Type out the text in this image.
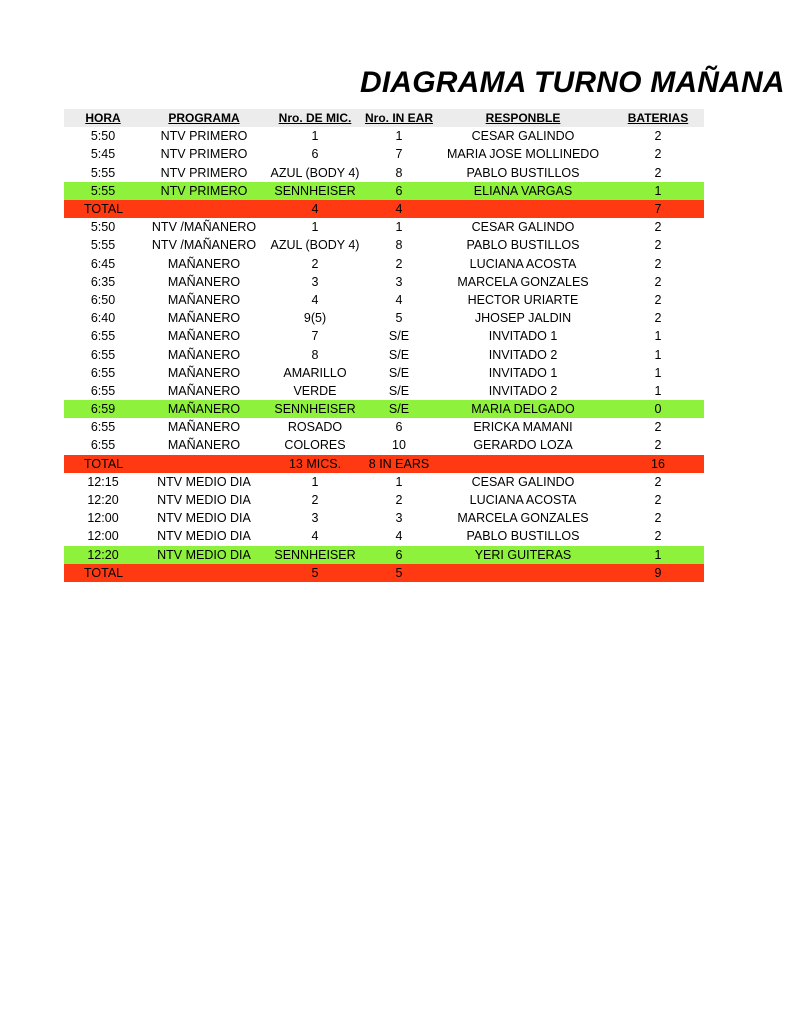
DIAGRAMA TURNO MAÑANA
HORA	PROGRAMA	Nro. DE MIC.	Nro. IN EAR	RESPONBLE	BATERIAS
5:50	NTV PRIMERO	1	1	CESAR GALINDO	2
5:45	NTV PRIMERO	6	7	MARIA JOSE MOLLINEDO	2
5:55	NTV PRIMERO	AZUL (BODY 4)	8	PABLO BUSTILLOS	2
5:55	NTV PRIMERO	SENNHEISER	6	ELIANA VARGAS	1
TOTAL		4	4		7
5:50	NTV /MAÑANERO	1	1	CESAR GALINDO	2
5:55	NTV /MAÑANERO	AZUL (BODY 4)	8	PABLO BUSTILLOS	2
6:45	MAÑANERO	2	2	LUCIANA ACOSTA	2
6:35	MAÑANERO	3	3	MARCELA GONZALES	2
6:50	MAÑANERO	4	4	HECTOR URIARTE	2
6:40	MAÑANERO	9(5)	5	JHOSEP JALDIN	2
6:55	MAÑANERO	7	S/E	INVITADO 1	1
6:55	MAÑANERO	8	S/E	INVITADO 2	1
6:55	MAÑANERO	AMARILLO	S/E	INVITADO 1	1
6:55	MAÑANERO	VERDE	S/E	INVITADO 2	1
6:59	MAÑANERO	SENNHEISER	S/E	MARIA DELGADO	0
6:55	MAÑANERO	ROSADO	6	ERICKA MAMANI	2
6:55	MAÑANERO	COLORES	10	GERARDO LOZA	2
TOTAL		13 MICS.	8 IN EARS		16
12:15	NTV MEDIO DIA	1	1	CESAR GALINDO	2
12:20	NTV MEDIO DIA	2	2	LUCIANA ACOSTA	2
12:00	NTV MEDIO DIA	3	3	MARCELA GONZALES	2
12:00	NTV MEDIO DIA	4	4	PABLO BUSTILLOS	2
12:20	NTV MEDIO DIA	SENNHEISER	6	YERI GUITERAS	1
TOTAL		5	5		9
